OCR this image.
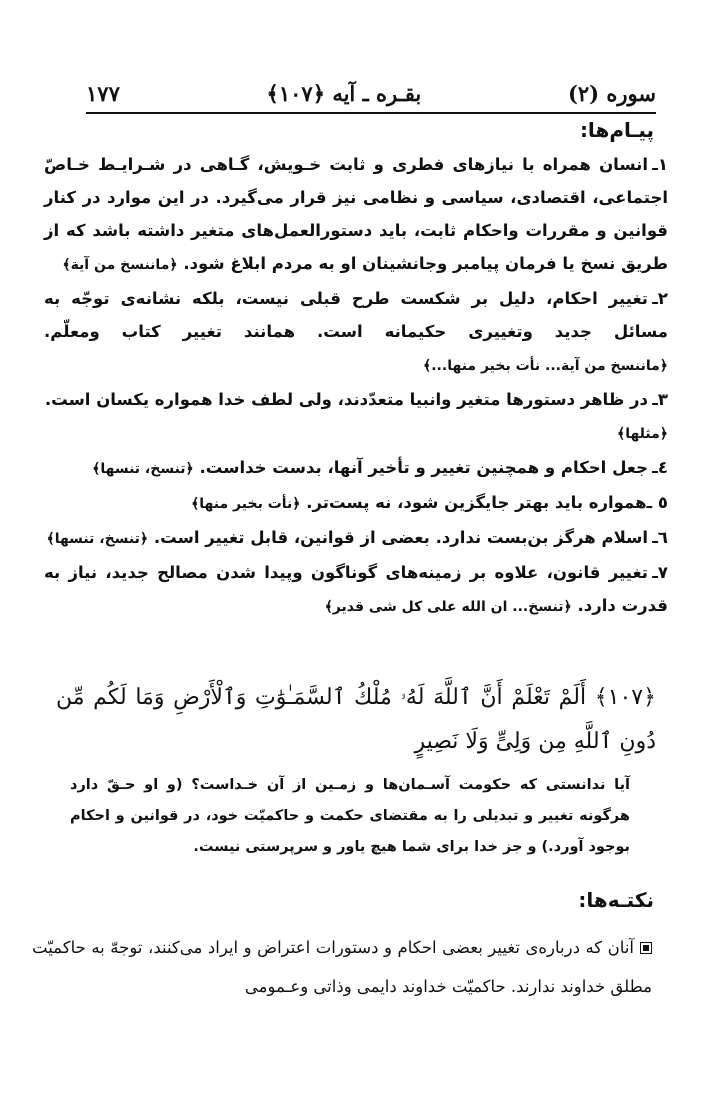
سوره (۲)
بقـره ـ آیه ﴿۱۰۷﴾
۱۷۷
پیـام‌ها:
۱ـانسان همراه با نیازهای فطری و ثابت خـویش، گـاهی در شـرایـط خـاصّ اجتماعی، اقتصادی، سیاسی و نظامی نیز قرار می‌گیرد. در این موارد در کنار قوانین و مقررات واحکام ثابت، باید دستورالعمل‌های متغیر داشته باشد که از طریق نسخ یا فرمان پیامبر وجانشینان او به مردم ابلاغ شود. ﴿ماننسخ من آیة﴾
۲ـتغییر احکام، دلیل بر شکست طرح قبلی نیست، بلکه نشانه‌ی توجّه به مسائل جدید وتغییری حکیمانه است. همانند تغییر کتاب ومعلّم. ﴿ماننسخ من آیة... نأت بخیر منها...﴾
۳ـدر ظاهر دستورها متغیر وانبیا متعدّدند، ولی لطف خدا همواره یکسان است.
﴿مثلها﴾
٤ـجعل احکام و همچنین تغییر و تأخیر آنها، بدست خداست. ﴿تنسخ، تنسها﴾
٥ ـهمواره باید بهتر جایگزین شود، نه پست‌تر. ﴿نأت بخیر منها﴾
٦ـاسلام هرگز بن‌بست ندارد. بعضی از قوانین، قابل تغییر است. ﴿تنسخ، تنسها﴾
۷ـتغییر قانون، علاوه بر زمینه‌های گوناگون وپیدا شدن مصالح جدید، نیاز به قدرت دارد. ﴿تنسخ... ان الله علی کل شی قدیر﴾
﴿۱۰۷﴾ أَلَمْ تَعْلَمْ أَنَّ ٱللَّهَ لَهُۥ مُلْكُ ٱلسَّمَـٰوَٰتِ وَٱلْأَرْضِ وَمَا لَكُم مِّن دُونِ ٱللَّهِ مِن وَلِىٍّ وَلَا نَصِيرٍ
آیا ندانستی که حکومت آسـمان‌ها و زمـین از آن خـداست؟ (و او حـقّ دارد هرگونه تغییر و تبدیلی را به مقتضای حکمت و حاکمیّت خود، در قوانین و احکام بوجود آورد.) و جز خدا برای شما هیچ یاور و سرپرستی نیست.
نکتـه‌ها:
آنان که درباره‌ی تغییر بعضی احکام و دستورات اعتراض و ایراد می‌کنند، توجهّ به حاکمیّت مطلق خداوند ندارند. حاکمیّت خداوند دایمی وذاتی وعـمومی
